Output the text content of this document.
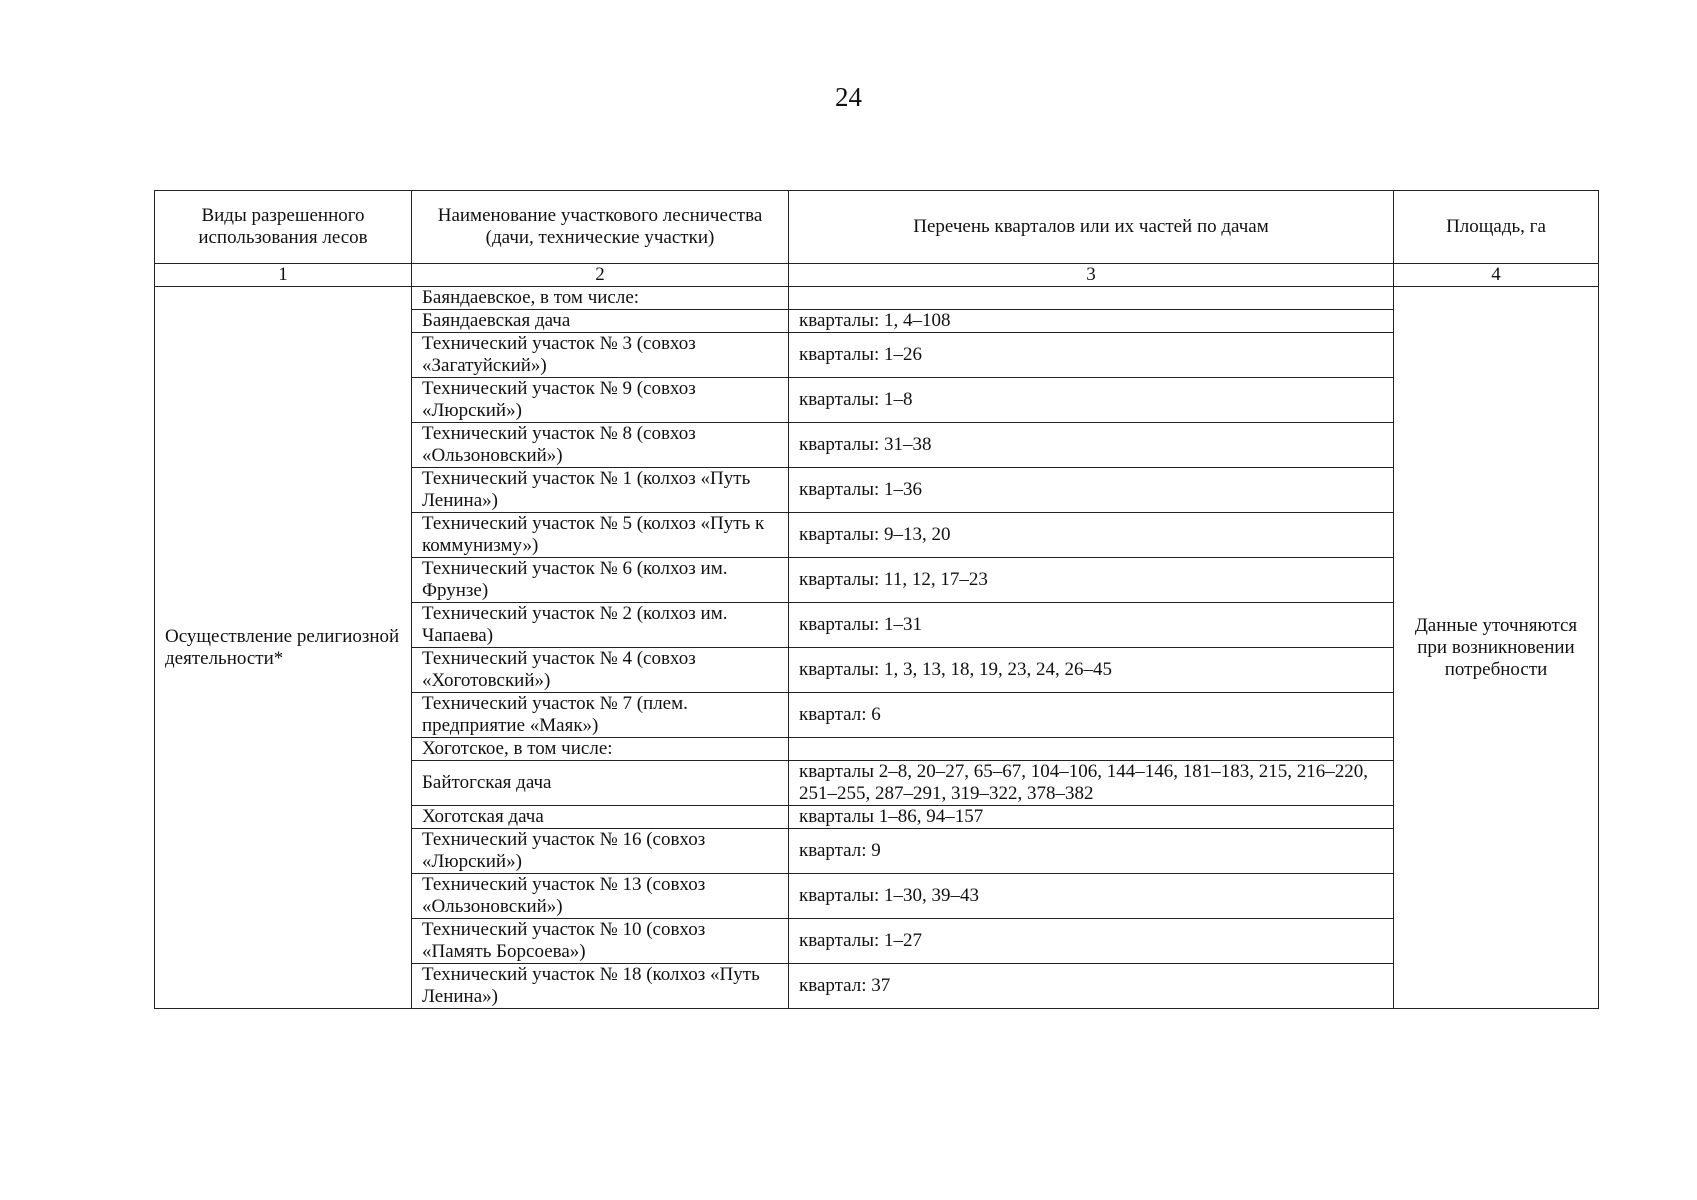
24
Виды разрешенного использования лесов	Наименование участкового лесничества (дачи, технические участки)	Перечень кварталов или их частей по дачам	Площадь, га
1	2	3	4
Осуществление религиозной деятельности*	Баяндаевское, в том числе:		Данные уточняются при возникновении потребности
	Баяндаевская дача	кварталы: 1, 4–108	
	Технический участок № 3 (совхоз «Загатуйский»)	кварталы: 1–26	
	Технический участок № 9 (совхоз «Люрский»)	кварталы: 1–8	
	Технический участок № 8 (совхоз «Ользоновский»)	кварталы: 31–38	
	Технический участок № 1 (колхоз «Путь Ленина»)	кварталы: 1–36	
	Технический участок № 5 (колхоз «Путь к коммунизму»)	кварталы: 9–13, 20	
	Технический участок № 6 (колхоз им. Фрунзе)	кварталы: 11, 12, 17–23	
	Технический участок № 2 (колхоз им. Чапаева)	кварталы: 1–31	
	Технический участок № 4 (совхоз «Хоготовский»)	кварталы: 1, 3, 13, 18, 19, 23, 24, 26–45	
	Технический участок № 7 (плем. предприятие «Маяк»)	квартал: 6	
	Хоготское, в том числе:		
	Байтогская дача	кварталы 2–8, 20–27, 65–67, 104–106, 144–146, 181–183, 215, 216–220, 251–255, 287–291, 319–322, 378–382	
	Хоготская дача	кварталы 1–86, 94–157	
	Технический участок № 16 (совхоз «Люрский»)	квартал: 9	
	Технический участок № 13 (совхоз «Ользоновский»)	кварталы: 1–30, 39–43	
	Технический участок № 10 (совхоз «Память Борсоева»)	кварталы: 1–27	
	Технический участок № 18 (колхоз «Путь Ленина»)	квартал: 37	
